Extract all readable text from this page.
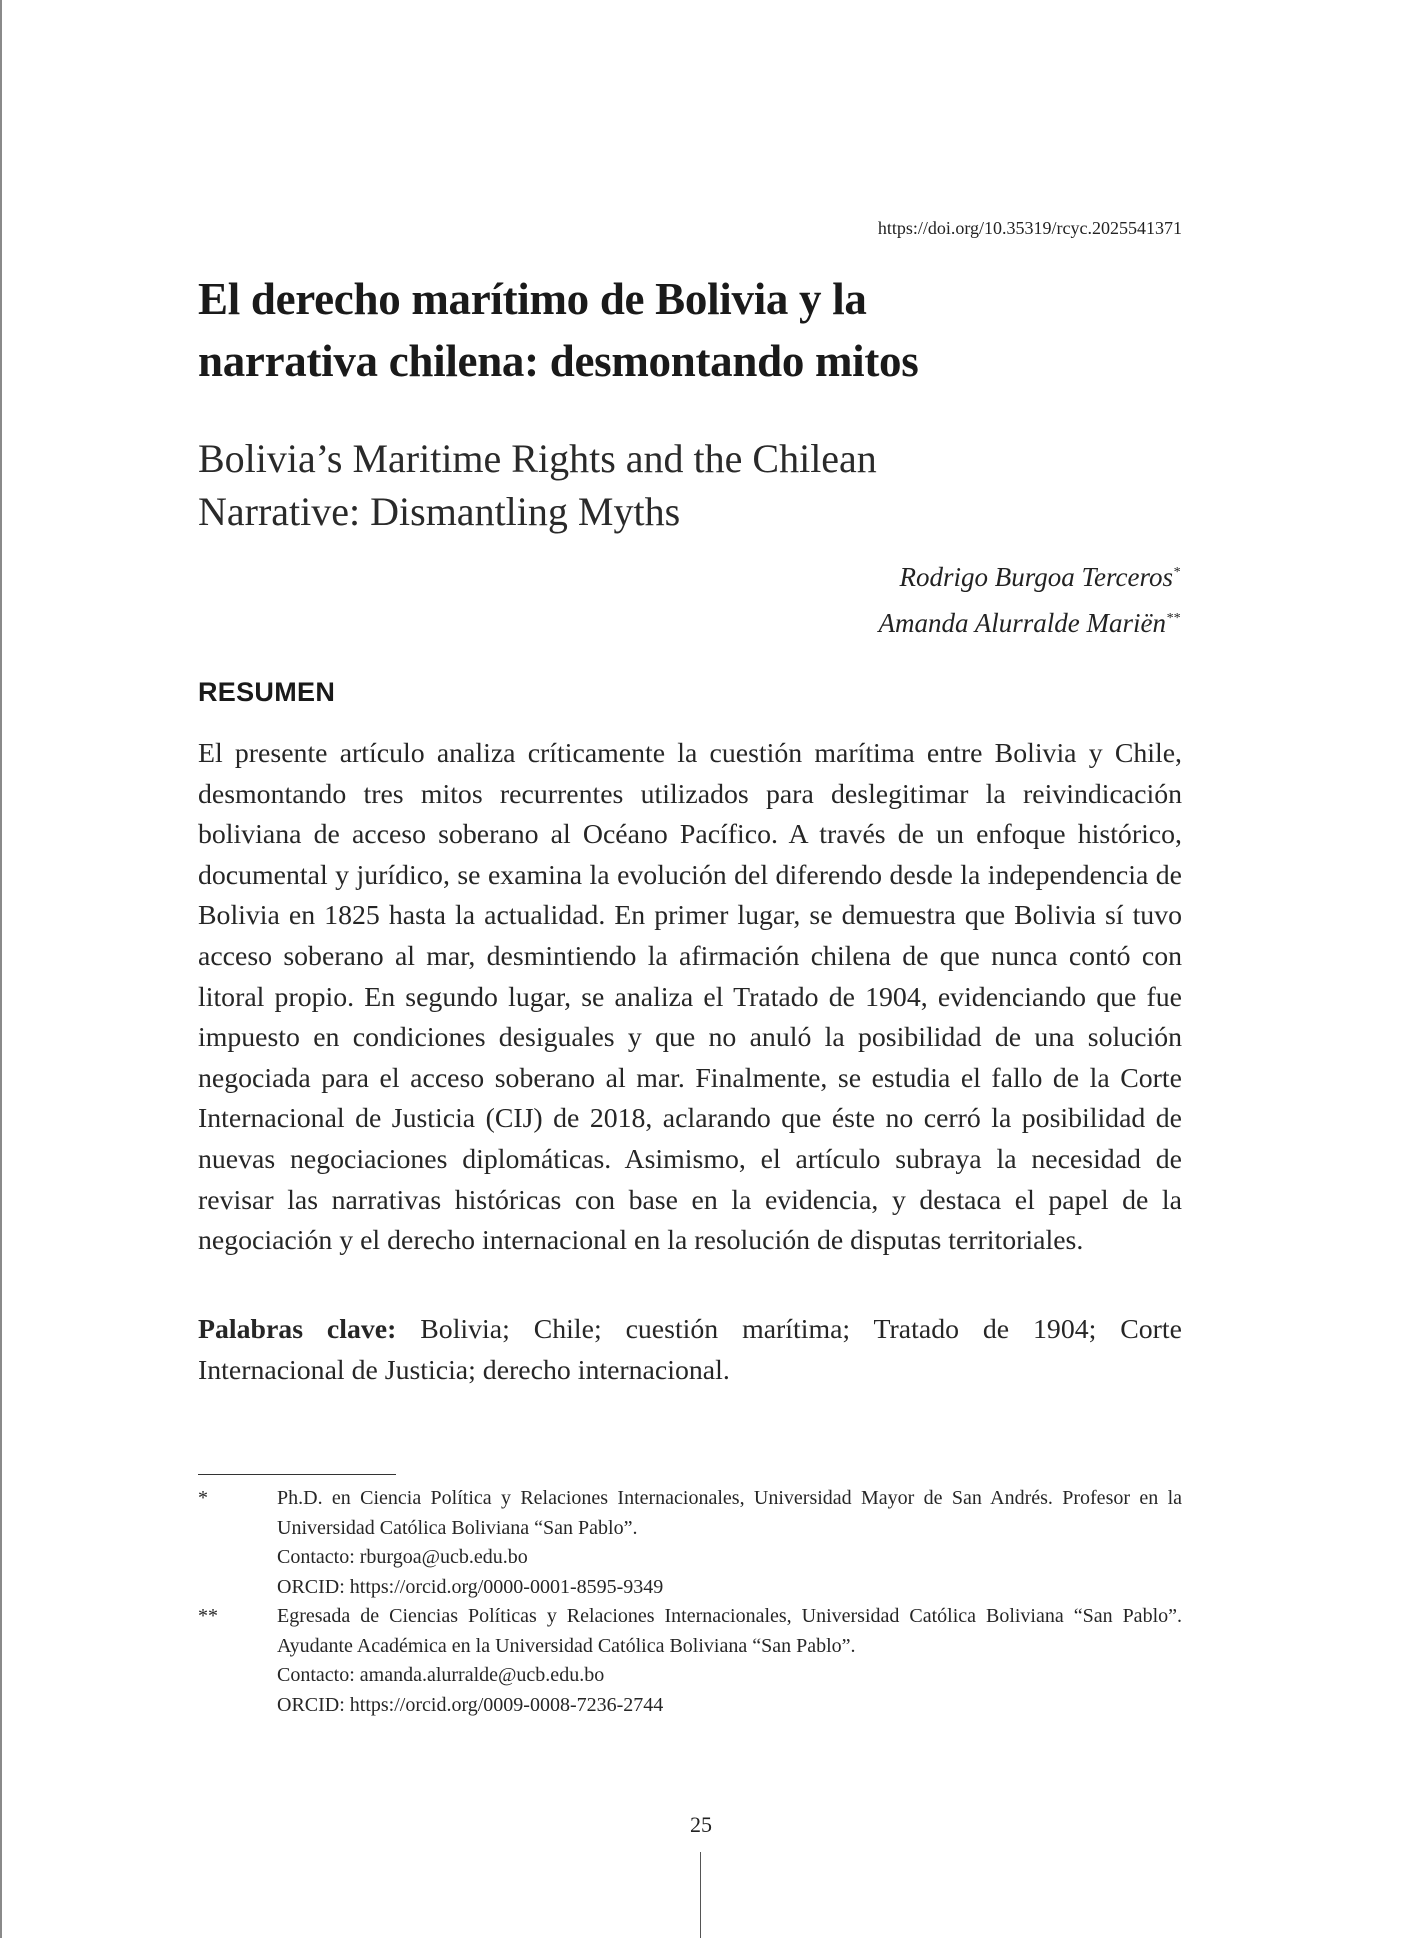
https://doi.org/10.35319/rcyc.2025541371
El derecho marítimo de Bolivia y la
narrativa chilena: desmontando mitos
Bolivia’s Maritime Rights and the Chilean
Narrative: Dismantling Myths
Rodrigo Burgoa Terceros*
Amanda Alurralde Mariën**
RESUMEN

El presente artículo analiza críticamente la cuestión marítima entre Bolivia y Chile, desmontando tres mitos recurrentes utilizados para deslegitimar la reivindicación boliviana de acceso soberano al Océano Pacífico. A través de un enfoque histórico, documental y jurídico, se examina la evolución del diferendo desde la independencia de Bolivia en 1825 hasta la actualidad. En primer lugar, se demuestra que Bolivia sí tuvo acceso soberano al mar, desmintiendo la afirmación chilena de que nunca contó con litoral propio. En segundo lugar, se analiza el Tratado de 1904, evidenciando que fue impuesto en condiciones desiguales y que no anuló la posibilidad de una solución negociada para el acceso soberano al mar. Finalmente, se estudia el fallo de la Corte Internacional de Justicia (CIJ) de 2018, aclarando que éste no cerró la posibilidad de nuevas negociaciones diplomáticas. Asimismo, el artículo subraya la necesidad de revisar las narrativas históricas con base en la evidencia, y destaca el papel de la negociación y el derecho internacional en la resolución de disputas territoriales.

Palabras clave: Bolivia; Chile; cuestión marítima; Tratado de 1904; Corte Internacional de Justicia; derecho internacional.

*	Ph.D. en Ciencia Política y Relaciones Internacionales, Universidad Mayor de San Andrés. Profesor en la Universidad Católica Boliviana “San Pablo”.
Contacto: rburgoa@ucb.edu.bo
ORCID: https://orcid.org/0000-0001-8595-9349
**	Egresada de Ciencias Políticas y Relaciones Internacionales, Universidad Católica Boliviana “San Pablo”. Ayudante Académica en la Universidad Católica Boliviana “San Pablo”.
Contacto: amanda.alurralde@ucb.edu.bo
ORCID: https://orcid.org/0009-0008-7236-2744
25
